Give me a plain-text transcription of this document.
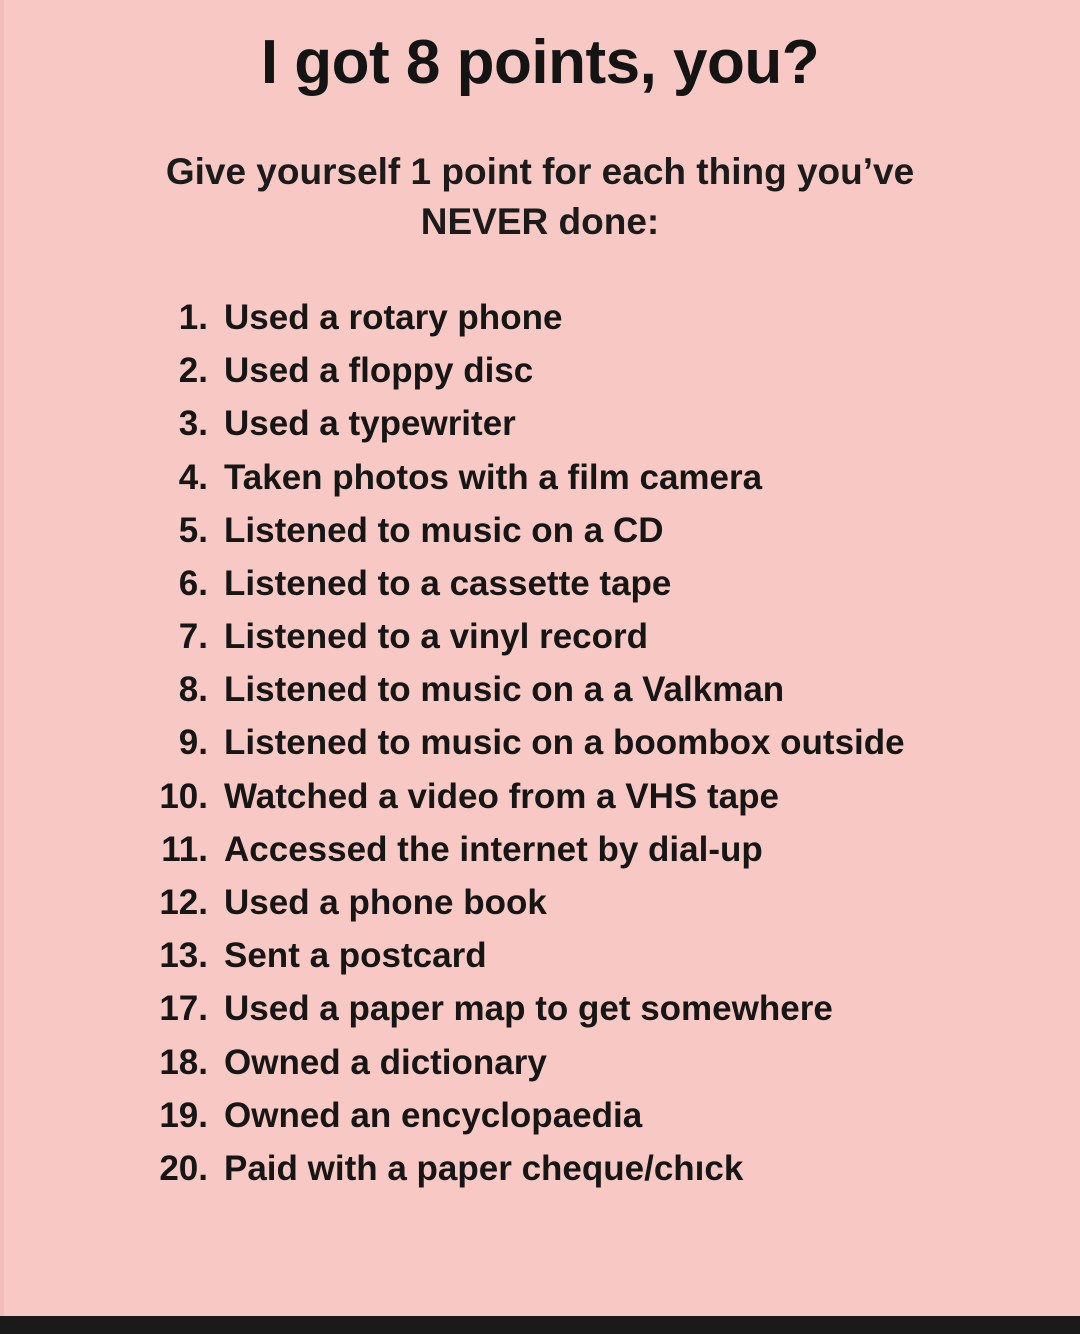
I got 8 points, you?
Give yourself 1 point for each thing you’ve NEVER done:
1. Used a rotary phone
2. Used a floppy disc
3. Used a typewriter
4. Taken photos with a film camera
5. Listened to music on a CD
6. Listened to a cassette tape
7. Listened to a vinyl record
8. Listened to music on a a Valkman
9. Listened to music on a boombox outside
10. Watched a video from a VHS tape
11. Accessed the internet by dial-up
12. Used a phone book
13. Sent a postcard
17. Used a paper map to get somewhere
18. Owned a dictionary
19. Owned an encyclopaedia
20. Paid with a paper cheque/chıck
